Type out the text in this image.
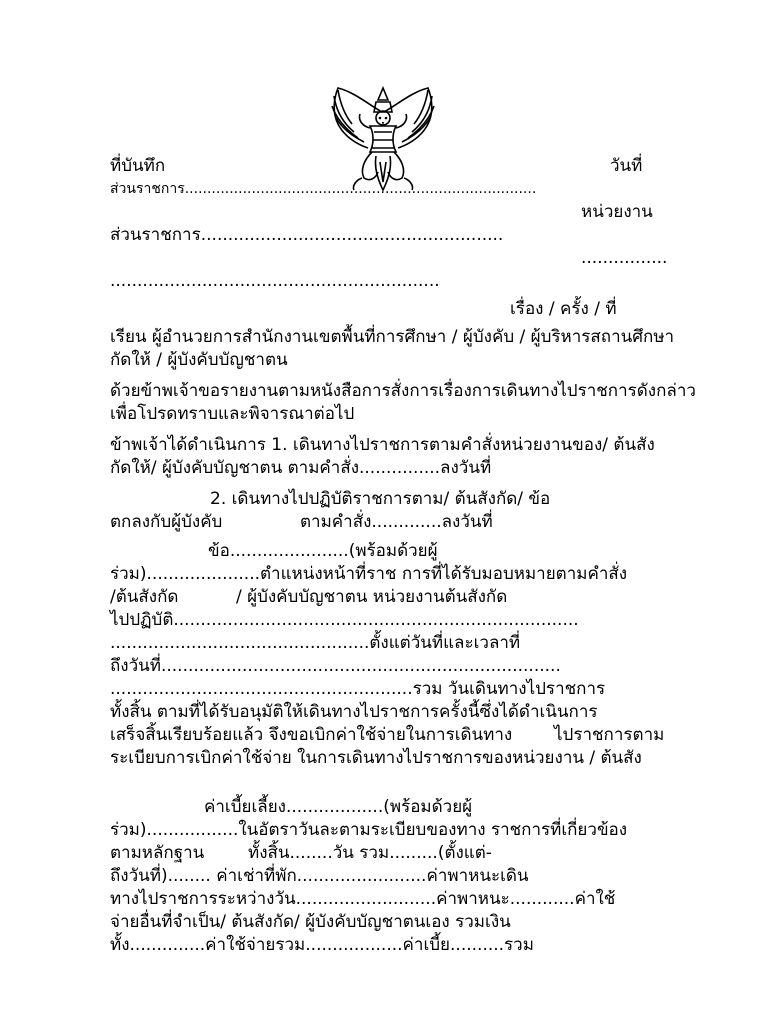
ที่บันทึก	วันที่
ส่วนราชการ...............................................................................
หน่วยงาน
ส่วนราชการ........................................................
................
.............................................................
เรื่อง / ครั้ง / ที่
เรียน ผู้อำนวยการสำนักงานเขตพื้นที่การศึกษา / ผู้บังคับ / ผู้บริหารสถานศึกษา
กัดให้ / ผู้บังคับบัญชาตน
ด้วยข้าพเจ้าขอรายงานตามหนังสือการสั่งการเรื่องการเดินทางไปราชการดังกล่าว
เพื่อโปรดทราบและพิจารณาต่อไป
ข้าพเจ้าได้ดำเนินการ 1. เดินทางไปราชการตามคำสั่งหน่วยงานของ/ ต้นสัง
กัดให้/ ผู้บังคับบัญชาตน ตามคำสั่ง...............ลงวันที่
2. เดินทางไปปฏิบัติราชการตาม/ ต้นสังกัด/ ข้อ
ตกลงกับผู้บังคับ	ตามคำสั่ง.............ลงวันที่
ข้อ......................(พร้อมด้วยผู้
ร่วม).....................ตำแหน่งหน้าที่ราช การที่ได้รับมอบหมายตามคำสั่ง
/ต้นสังกัด	/ ผู้บังคับบัญชาตน หน่วยงานต้นสังกัด
ไปปฏิบัติ...........................................................................
................................................ตั้งแต่วันที่และเวลาที่
ถึงวันที่..........................................................................
........................................................รวม วันเดินทางไปราชการ
ทั้งสิ้น ตามที่ได้รับอนุมัติให้เดินทางไปราชการครั้งนี้ซึ่งได้ดำเนินการ
เสร็จสิ้นเรียบร้อยแล้ว จึงขอเบิกค่าใช้จ่ายในการเดินทาง ไปราชการตาม
ระเบียบการเบิกค่าใช้จ่าย ในการเดินทางไปราชการของหน่วยงาน / ต้นสัง
ค่าเบี้ยเลี้ยง..................(พร้อมด้วยผู้
ร่วม).................ในอัตราวันละตามระเบียบของทาง ราชการที่เกี่ยวข้อง
ตามหลักฐาน	ทั้งสิ้น........วัน รวม.........(ตั้งแต่-
ถึงวันที่)........ ค่าเช่าที่พัก........................ค่าพาหนะเดิน
ทางไปราชการระหว่างวัน..........................ค่าพาหนะ............ค่าใช้
จ่ายอื่นที่จำเป็น/ ต้นสังกัด/ ผู้บังคับบัญชาตนเอง รวมเงิน
ทั้ง..............ค่าใช้จ่ายรวม..................ค่าเบี้ย..........รวม
